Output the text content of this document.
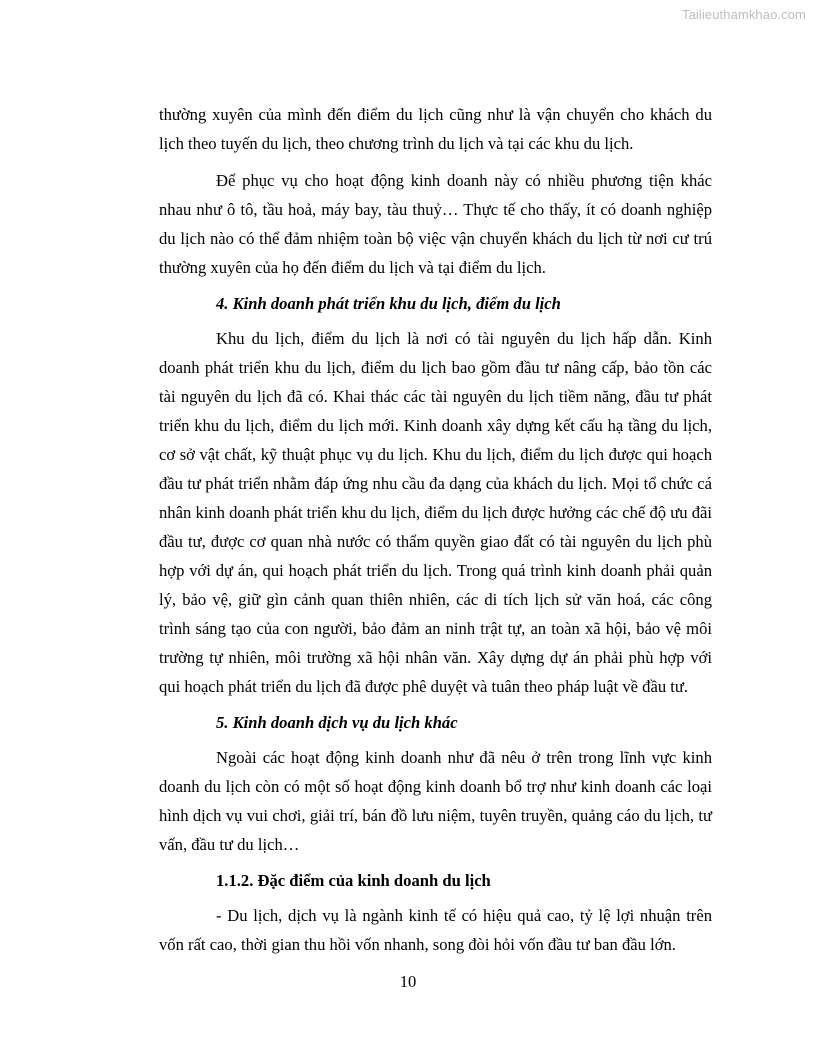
Tailieuthamkhao.com

thường xuyên của mình đến điểm du lịch cũng như là vận chuyển cho khách du lịch theo tuyến du lịch, theo chương trình du lịch và tại các khu du lịch.

Để phục vụ cho hoạt động kinh doanh này có nhiều phương tiện khác nhau như ô tô, tầu hoả, máy bay, tàu thuỷ… Thực tế cho thấy, ít có doanh nghiệp du lịch nào có thể đảm nhiệm toàn bộ việc vận chuyển khách du lịch từ nơi cư trú thường xuyên của họ đến điểm du lịch và tại điểm du lịch.

4. Kinh doanh phát triển khu du lịch, điểm du lịch

Khu du lịch, điểm du lịch là nơi có tài nguyên du lịch hấp dẫn. Kinh doanh phát triển khu du lịch, điểm du lịch bao gồm đầu tư nâng cấp, bảo tồn các tài nguyên du lịch đã có. Khai thác các tài nguyên du lịch tiềm năng, đầu tư phát triển khu du lịch, điểm du lịch mới. Kinh doanh xây dựng kết cấu hạ tầng du lịch, cơ sở vật chất, kỹ thuật phục vụ du lịch. Khu du lịch, điểm du lịch được qui hoạch đầu tư phát triển nhằm đáp ứng nhu cầu đa dạng của khách du lịch. Mọi tổ chức cá nhân kinh doanh phát triển khu du lịch, điểm du lịch được hưởng các chế độ ưu đãi đầu tư, được cơ quan nhà nước có thẩm quyền giao đất có tài nguyên du lịch phù hợp với dự án, qui hoạch phát triển du lịch. Trong quá trình kinh doanh phải quản lý, bảo vệ, giữ gìn cảnh quan thiên nhiên, các di tích lịch sử văn hoá, các công trình sáng tạo của con người, bảo đảm an ninh trật tự, an toàn xã hội, bảo vệ môi trường tự nhiên, môi trường xã hội nhân văn. Xây dựng dự án phải phù hợp với qui hoạch phát triển du lịch đã được phê duyệt và tuân theo pháp luật về đầu tư.

5. Kinh doanh dịch vụ du lịch khác

Ngoài các hoạt động kinh doanh như đã nêu ở trên trong lĩnh vực kinh doanh du lịch còn có một số hoạt động kinh doanh bổ trợ như kinh doanh các loại hình dịch vụ vui chơi, giải trí, bán đồ lưu niệm, tuyên truyền, quảng cáo du lịch, tư vấn, đầu tư du lịch…

1.1.2. Đặc điểm của kinh doanh du lịch

- Du lịch, dịch vụ là ngành kinh tế có hiệu quả cao, tỷ lệ lợi nhuận trên vốn rất cao, thời gian thu hồi vốn nhanh, song đòi hỏi vốn đầu tư ban đầu lớn.

10
